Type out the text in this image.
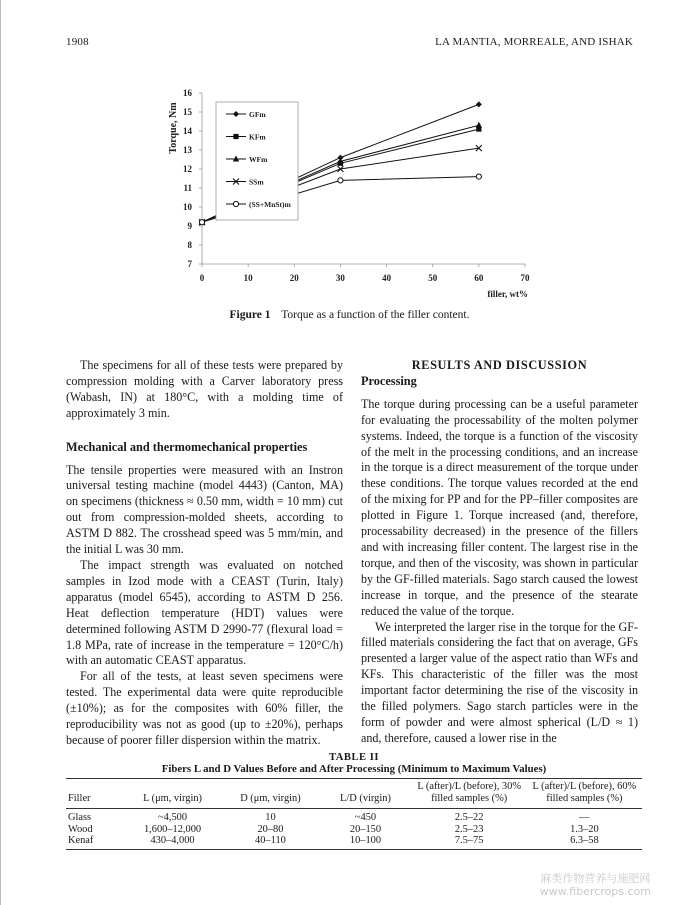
1908	LA MANTIA, MORREALE, AND ISHAK
7
8
9
10
11
12
13
14
15
16
0	10	20	30	40	50	60	70
filler, wt%
Torque, Nm	GFm
KFm
WFm
SSm
(SS+MnSt)m
Figure 1 Torque as a function of the filler content.

The specimens for all of these tests were prepared by compression molding with a Carver laboratory press (Wabash, IN) at 180°C, with a molding time of approximately 3 min.

Mechanical and thermomechanical properties

The tensile properties were measured with an Instron universal testing machine (model 4443) (Canton, MA) on specimens (thickness ≈ 0.50 mm, width = 10 mm) cut out from compression-molded sheets, according to ASTM D 882. The crosshead speed was 5 mm/min, and the initial L was 30 mm.

The impact strength was evaluated on notched samples in Izod mode with a CEAST (Turin, Italy) apparatus (model 6545), according to ASTM D 256. Heat deflection temperature (HDT) values were determined following ASTM D 2990-77 (flexural load = 1.8 MPa, rate of increase in the temperature = 120°C/h) with an automatic CEAST apparatus.

For all of the tests, at least seven specimens were tested. The experimental data were quite reproducible (±10%); as for the composites with 60% filler, the reproducibility was not as good (up to ±20%), perhaps because of poorer filler dispersion within the matrix.

RESULTS AND DISCUSSION

Processing

The torque during processing can be a useful parameter for evaluating the processability of the molten polymer systems. Indeed, the torque is a function of the viscosity of the melt in the processing conditions, and an increase in the torque is a direct measurement of the torque under these conditions. The torque values recorded at the end of the mixing for PP and for the PP–filler composites are plotted in Figure 1. Torque increased (and, therefore, processability decreased) in the presence of the fillers and with increasing filler content. The largest rise in the torque, and then of the viscosity, was shown in particular by the GF-filled materials. Sago starch caused the lowest increase in torque, and the presence of the stearate reduced the value of the torque.

We interpreted the larger rise in the torque for the GF-filled materials considering the fact that on average, GFs presented a larger value of the aspect ratio than WFs and KFs. This characteristic of the filler was the most important factor determining the rise of the viscosity in the filled polymers. Sago starch particles were in the form of powder and were almost spherical (L/D ≈ 1) and, therefore, caused a lower rise in the

TABLE II
Fibers L and D Values Before and After Processing (Minimum to Maximum Values)
Filler	L (μm, virgin)	D (μm, virgin)	L/D (virgin)	L (after)/L (before), 30% filled samples (%)	L (after)/L (before), 60% filled samples (%)
Glass	~4,500	10	~450	2.5–22	—
Wood	1,600–12,000	20–80	20–150	2.5–23	1.3–20
Kenaf	430–4,000	40–110	10–100	7.5–75	6.3–58
麻类作物营养与施肥网
www.fibercrops.com
